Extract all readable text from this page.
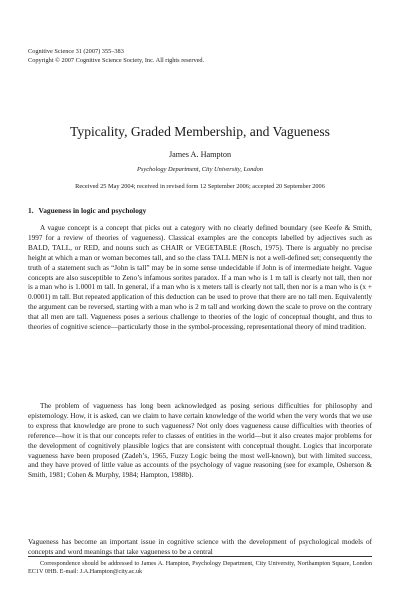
Cognitive Science 31 (2007) 355–383
Copyright © 2007 Cognitive Science Society, Inc. All rights reserved.
Typicality, Graded Membership, and Vagueness
James A. Hampton
Psychology Department, City University, London
Received 25 May 2004; received in revised form 12 September 2006; accepted 20 September 2006
1. Vagueness in logic and psychology

A vague concept is a concept that picks out a category with no clearly defined boundary (see Keefe & Smith, 1997 for a review of theories of vagueness). Classical examples are the concepts labelled by adjectives such as BALD, TALL, or RED, and nouns such as CHAIR or VEGETABLE (Rosch, 1975). There is arguably no precise height at which a man or woman becomes tall, and so the class TALL MEN is not a well-defined set; consequently the truth of a statement such as “John is tall” may be in some sense undecidable if John is of intermediate height. Vague concepts are also susceptible to Zeno’s infamous sorites paradox. If a man who is 1 m tall is clearly not tall, then nor is a man who is 1.0001 m tall. In general, if a man who is x meters tall is clearly not tall, then nor is a man who is (x + 0.0001) m tall. But repeated application of this deduction can be used to prove that there are no tall men. Equivalently the argument can be reversed, starting with a man who is 2 m tall and working down the scale to prove on the contrary that all men are tall. Vagueness poses a serious challenge to theories of the logic of conceptual thought, and thus to theories of cognitive science—particularly those in the symbol-processing, representational theory of mind tradition.

The problem of vagueness has long been acknowledged as posing serious difficulties for philosophy and epistemology. How, it is asked, can we claim to have certain knowledge of the world when the very words that we use to express that knowledge are prone to such vagueness? Not only does vagueness cause difficulties with theories of reference—how it is that our concepts refer to classes of entities in the world—but it also creates major problems for the development of cognitively plausible logics that are consistent with conceptual thought. Logics that incorporate vagueness have been proposed (Zadeh’s, 1965, Fuzzy Logic being the most well-known), but with limited success, and they have proved of little value as accounts of the psychology of vague reasoning (see for example, Osherson & Smith, 1981; Cohen & Murphy, 1984; Hampton, 1988b).

Vagueness has become an important issue in cognitive science with the development of psychological models of concepts and word meanings that take vagueness to be a central

Correspondence should be addressed to James A. Hampton, Psychology Department, City University, Northampton Square, London EC1V 0HB. E-mail: J.A.Hampton@city.ac.uk
